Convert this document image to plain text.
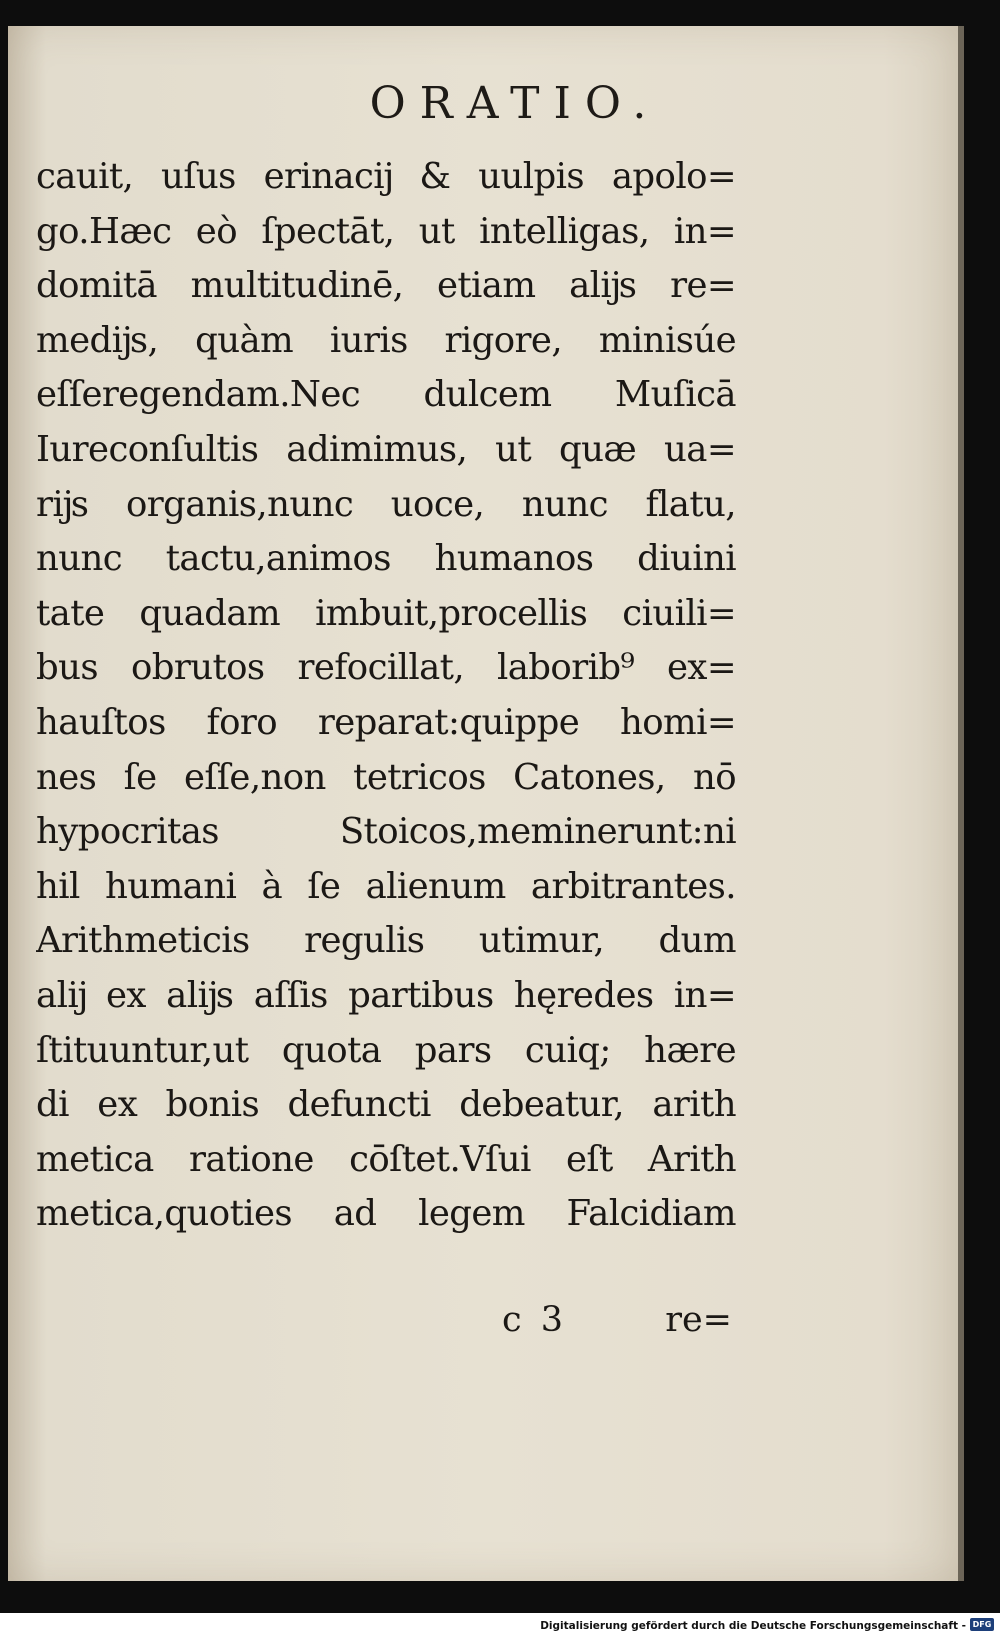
ORATIO.
cauit, uſus erinacĳ & uulpis apolo=
go.Hæc eò ſpectāt, ut intelligas, in=
domitā multitudinē, etiam alĳs re=
medĳs, quàm iuris rigore, minisúe
eſſeregendam.Nec dulcem Muſicā
Iureconſultis adimimus, ut quæ ua=
rĳs organis,nunc uoce, nunc flatu,
nunc tactu,animos humanos diuini
tate quadam imbuit,procellis ciuili=
bus obrutos refocillat, laborib⁹ ex=
hauſtos foro reparat:quippe homi=
nes ſe eſſe,non tetricos Catones, nō
hypocritas Stoicos,meminerunt:ni
hil humani à ſe alienum arbitrantes.
Arithmeticis regulis utimur, dum
alĳ ex alĳs aſſis partibus hęredes in=
ſtituuntur,ut quota pars cuiq; hære
di ex bonis defuncti debeatur, arith
metica ratione cōſtet.Vſui eſt Arith
metica,quoties ad legem Falcidiam
c 3	re=
Digitalisierung gefördert durch die Deutsche Forschungsgemeinschaft - DFG
